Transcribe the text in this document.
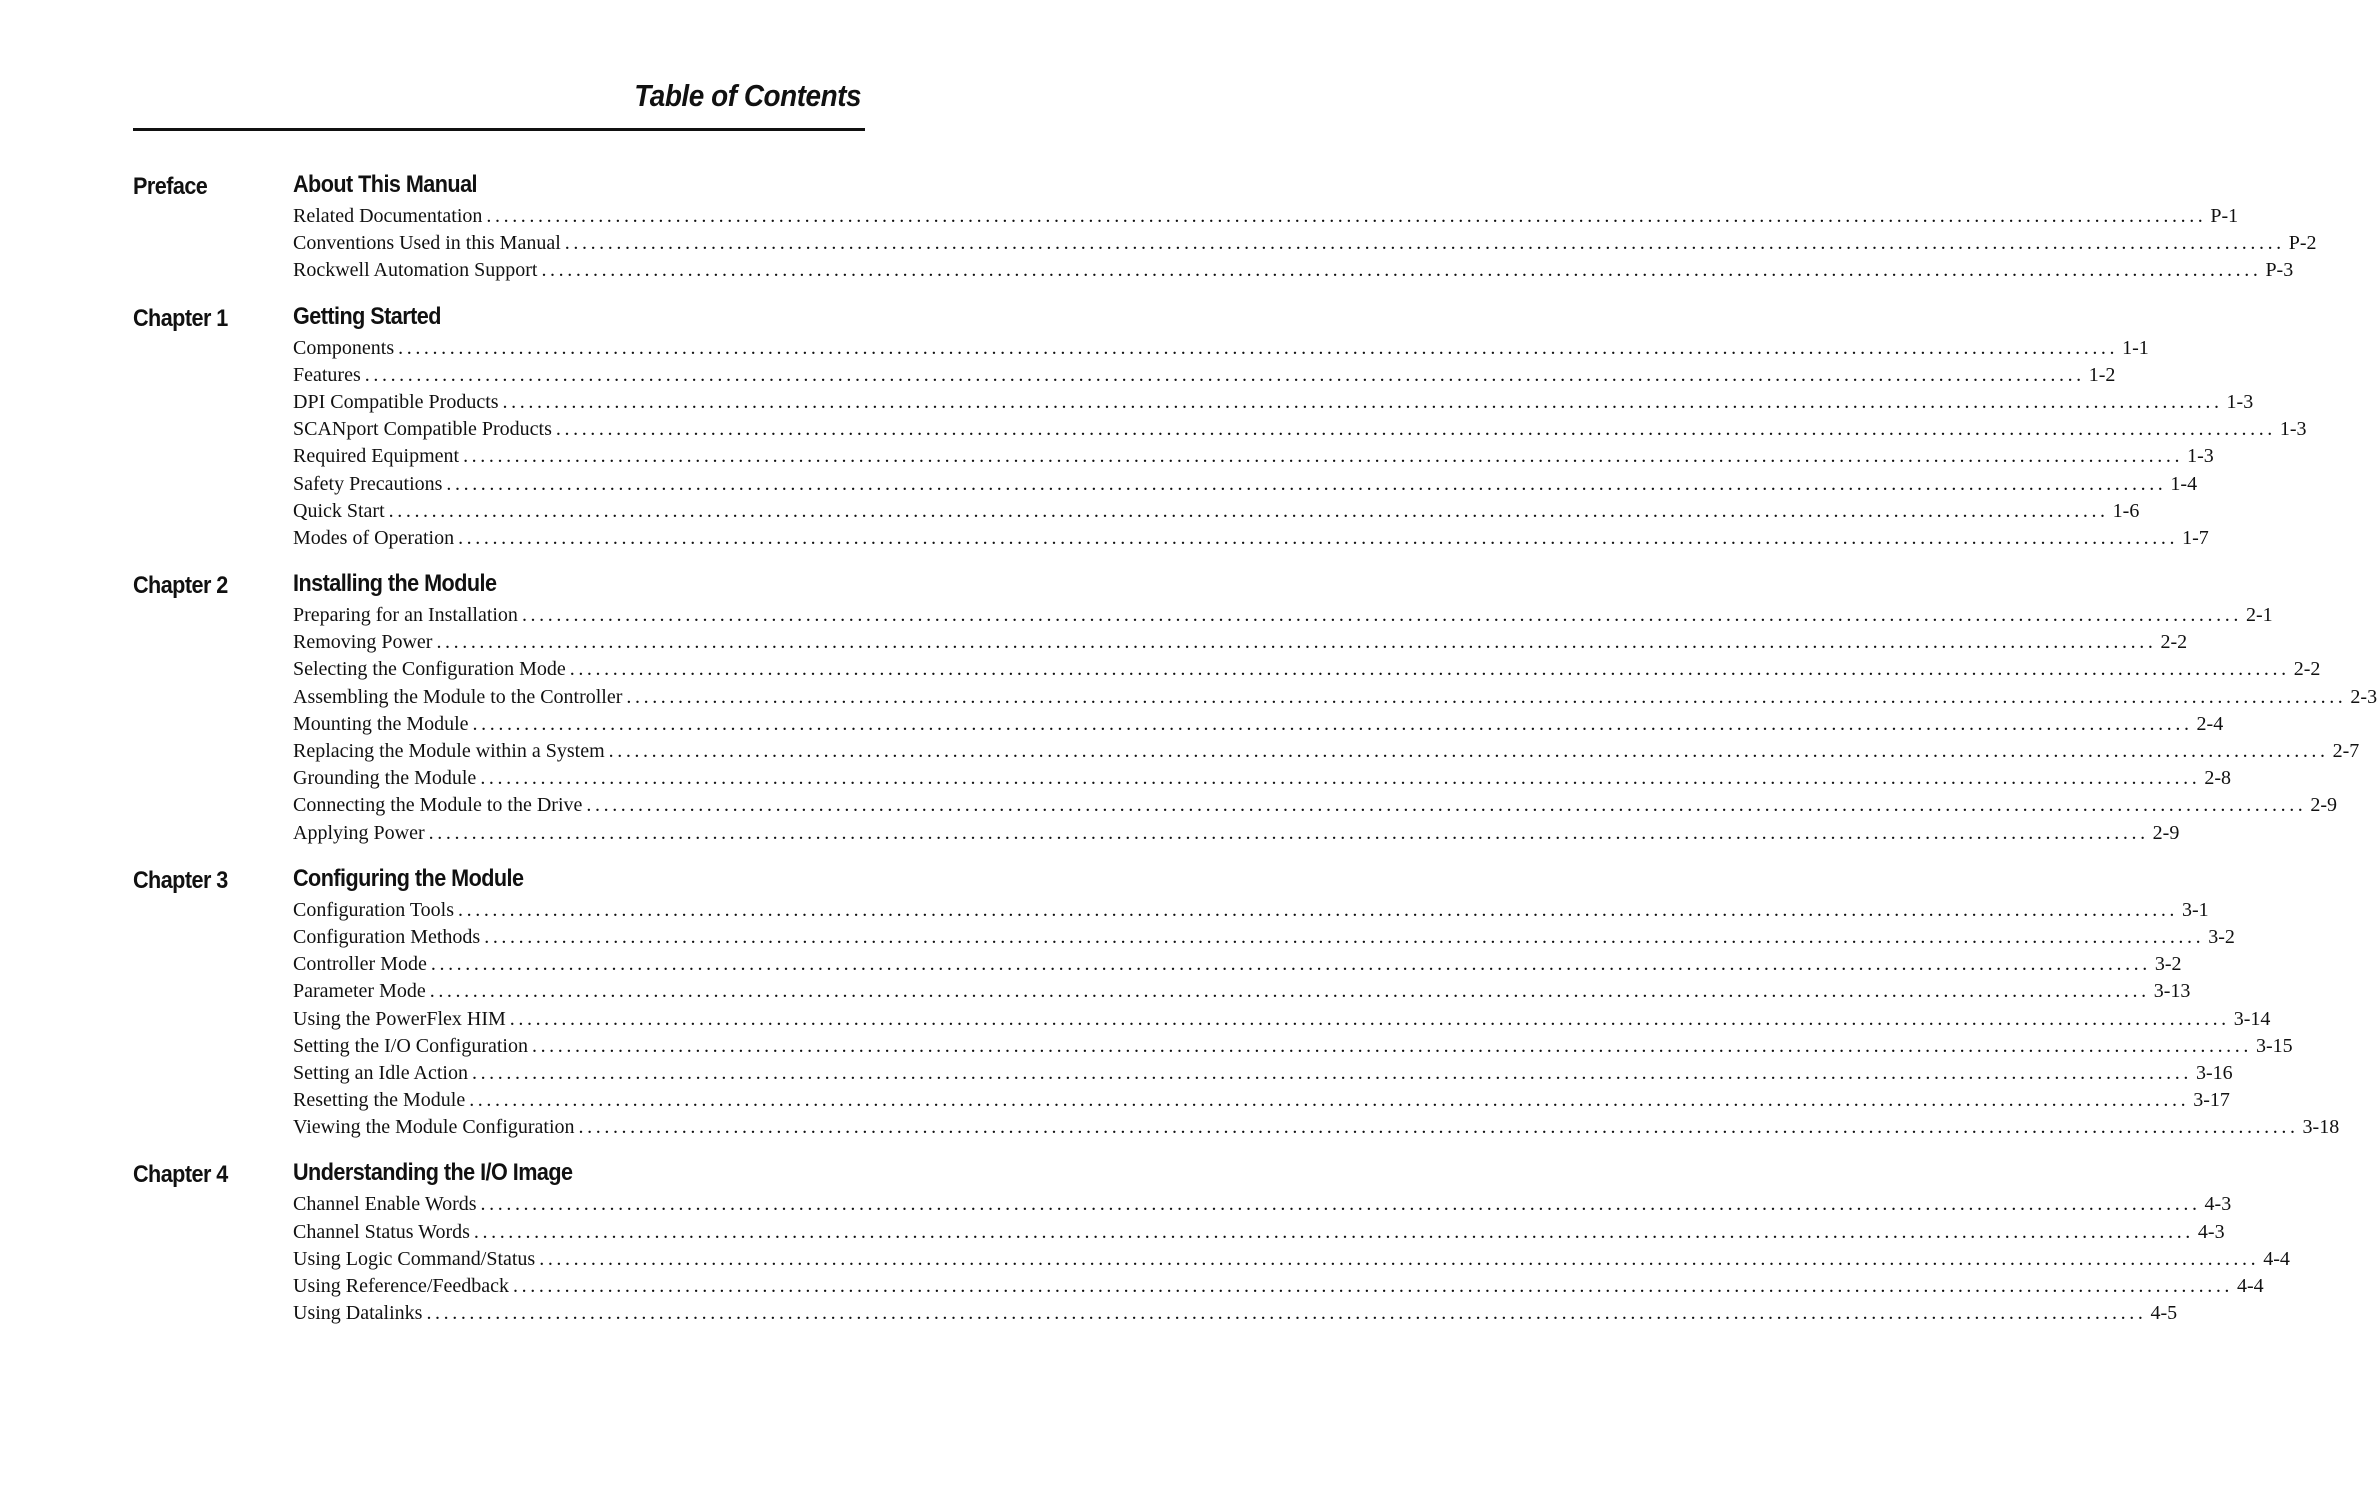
Table of Contents
Preface	About This Manual
Related Documentation ........................................................................................................................................................................................................ P-1
Conventions Used in this Manual ........................................................................................................................................................................................................ P-2
Rockwell Automation Support ........................................................................................................................................................................................................ P-3
Chapter 1	Getting Started
Components ........................................................................................................................................................................................................ 1-1
Features ........................................................................................................................................................................................................ 1-2
DPI Compatible Products ........................................................................................................................................................................................................ 1-3
SCANport Compatible Products ........................................................................................................................................................................................................ 1-3
Required Equipment ........................................................................................................................................................................................................ 1-3
Safety Precautions ........................................................................................................................................................................................................ 1-4
Quick Start ........................................................................................................................................................................................................ 1-6
Modes of Operation ........................................................................................................................................................................................................ 1-7
Chapter 2	Installing the Module
Preparing for an Installation ........................................................................................................................................................................................................ 2-1
Removing Power ........................................................................................................................................................................................................ 2-2
Selecting the Configuration Mode ........................................................................................................................................................................................................ 2-2
Assembling the Module to the Controller ........................................................................................................................................................................................................ 2-3
Mounting the Module ........................................................................................................................................................................................................ 2-4
Replacing the Module within a System ........................................................................................................................................................................................................ 2-7
Grounding the Module ........................................................................................................................................................................................................ 2-8
Connecting the Module to the Drive ........................................................................................................................................................................................................ 2-9
Applying Power ........................................................................................................................................................................................................ 2-9
Chapter 3	Configuring the Module
Configuration Tools ........................................................................................................................................................................................................ 3-1
Configuration Methods ........................................................................................................................................................................................................ 3-2
Controller Mode ........................................................................................................................................................................................................ 3-2
Parameter Mode ........................................................................................................................................................................................................ 3-13
Using the PowerFlex HIM ........................................................................................................................................................................................................ 3-14
Setting the I/O Configuration ........................................................................................................................................................................................................ 3-15
Setting an Idle Action ........................................................................................................................................................................................................ 3-16
Resetting the Module ........................................................................................................................................................................................................ 3-17
Viewing the Module Configuration ........................................................................................................................................................................................................ 3-18
Chapter 4	Understanding the I/O Image
Channel Enable Words ........................................................................................................................................................................................................ 4-3
Channel Status Words ........................................................................................................................................................................................................ 4-3
Using Logic Command/Status ........................................................................................................................................................................................................ 4-4
Using Reference/Feedback ........................................................................................................................................................................................................ 4-4
Using Datalinks ........................................................................................................................................................................................................ 4-5
